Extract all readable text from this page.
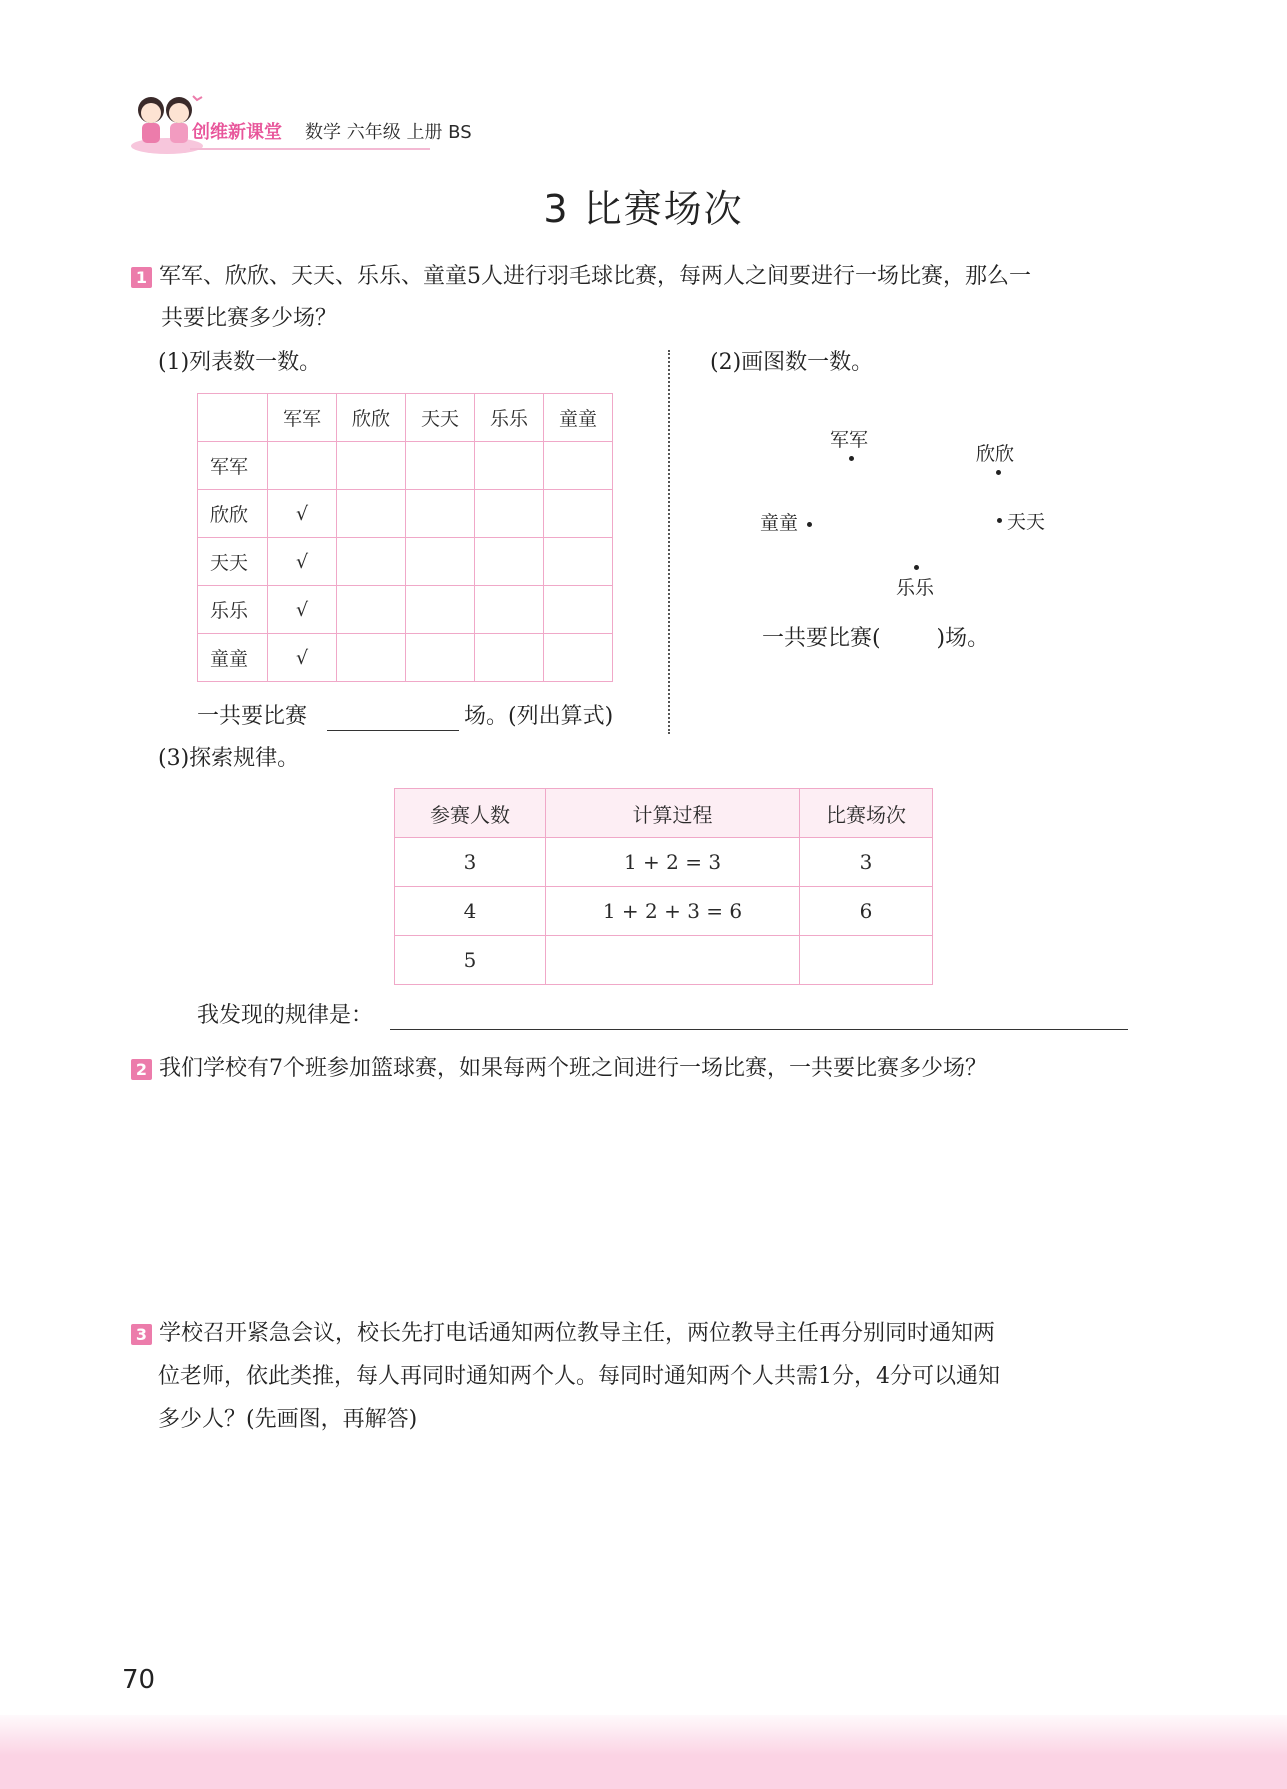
创维新课堂 数学 六年级 上册 BS
3 比赛场次
1 军军、欣欣、天天、乐乐、童童5人进行羽毛球比赛，每两人之间要进行一场比赛，那么一
共要比赛多少场？
(1)列表数一数。	(2)画图数一数。
	军军	欣欣	天天	乐乐	童童
军军					
欣欣	√				
天天	√				
乐乐	√				
童童	√				
一共要比赛	场。(列出算式)
军军
欣欣
童童	天天
乐乐
一共要比赛(        )场。
(3)探索规律。
参赛人数	计算过程	比赛场次
3	1 + 2 = 3	3
4	1 + 2 + 3 = 6	6
5		
我发现的规律是：
2 我们学校有7个班参加篮球赛，如果每两个班之间进行一场比赛，一共要比赛多少场？
3 学校召开紧急会议，校长先打电话通知两位教导主任，两位教导主任再分别同时通知两
位老师，依此类推，每人再同时通知两个人。每同时通知两个人共需1分，4分可以通知
多少人？(先画图，再解答)
70
